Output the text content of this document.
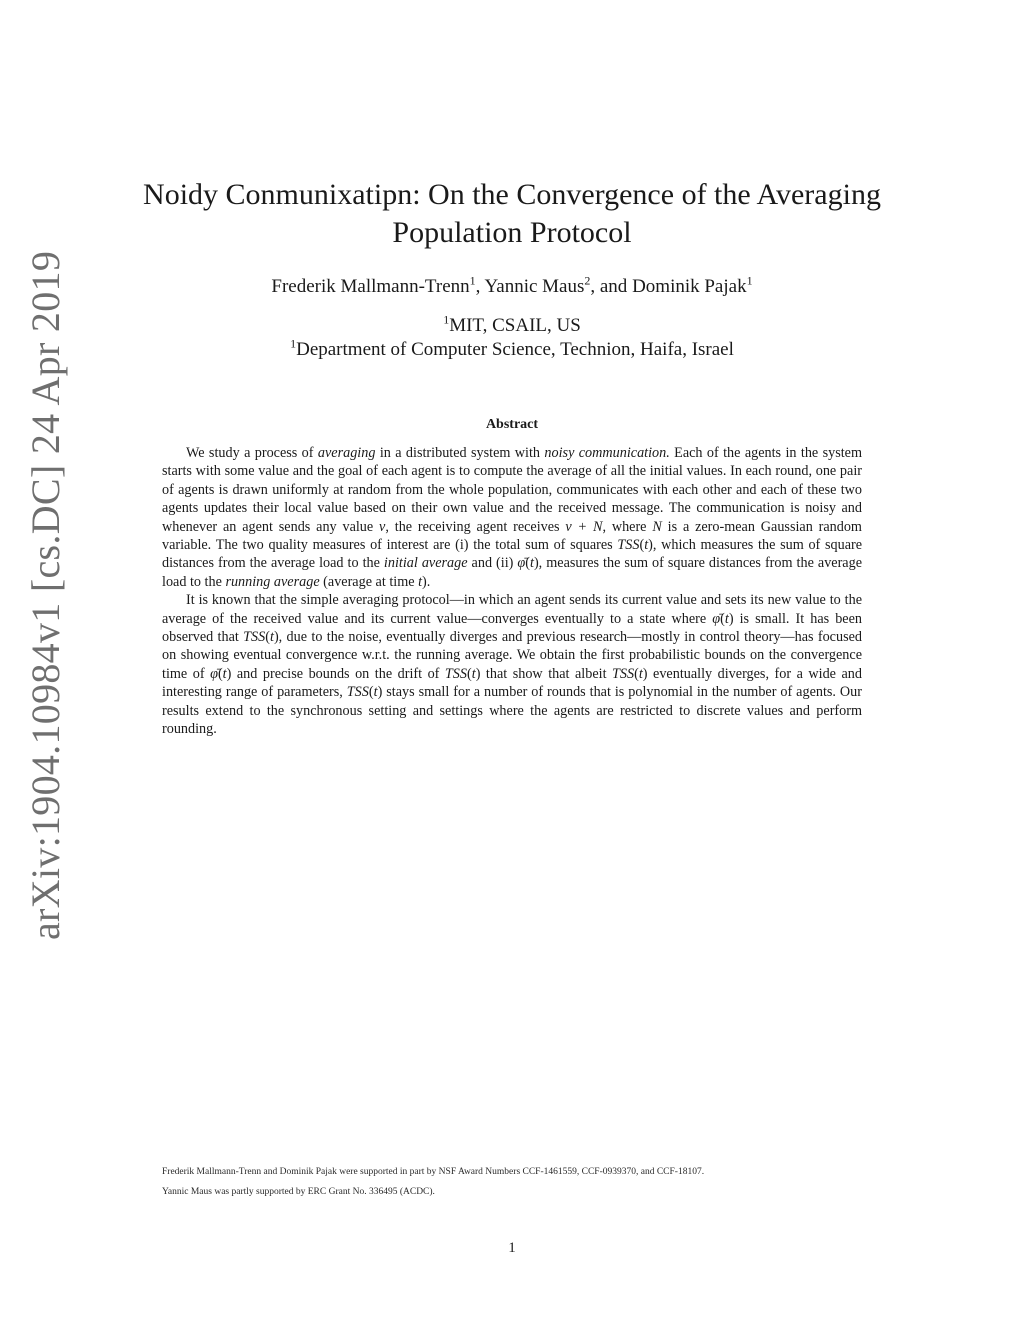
arXiv:1904.10984v1 [cs.DC] 24 Apr 2019
Noidy Conmunixatipn: On the Convergence of the Averaging
Population Protocol
Frederik Mallmann-Trenn$^1$, Yannic Maus$^2$, and Dominik Pajak$^1$
$^1$MIT, CSAIL, US
$^1$Department of Computer Science, Technion, Haifa, Israel
Abstract

We study a process of averaging in a distributed system with noisy communication. Each of the agents in the system starts with some value and the goal of each agent is to compute the average of all the initial values. In each round, one pair of agents is drawn uniformly at random from the whole population, communicates with each other and each of these two agents updates their local value based on their own value and the received message. The communication is noisy and whenever an agent sends any value v, the receiving agent receives v + N, where N is a zero-mean Gaussian random variable. The two quality measures of interest are (i) the total sum of squares TSS(t), which measures the sum of square distances from the average load to the initial average and (ii) φ̄(t), measures the sum of square distances from the average load to the running average (average at time t).

It is known that the simple averaging protocol—in which an agent sends its current value and sets its new value to the average of the received value and its current value—converges eventually to a state where φ̄(t) is small. It has been observed that TSS(t), due to the noise, eventually diverges and previous research—mostly in control theory—has focused on showing eventual convergence w.r.t. the running average. We obtain the first probabilistic bounds on the convergence time of φ̄(t) and precise bounds on the drift of TSS(t) that show that albeit TSS(t) eventually diverges, for a wide and interesting range of parameters, TSS(t) stays small for a number of rounds that is polynomial in the number of agents. Our results extend to the synchronous setting and settings where the agents are restricted to discrete values and perform rounding.

Frederik Mallmann-Trenn and Dominik Pajak were supported in part by NSF Award Numbers CCF-1461559, CCF-0939370, and CCF-18107.
Yannic Maus was partly supported by ERC Grant No. 336495 (ACDC).
1
